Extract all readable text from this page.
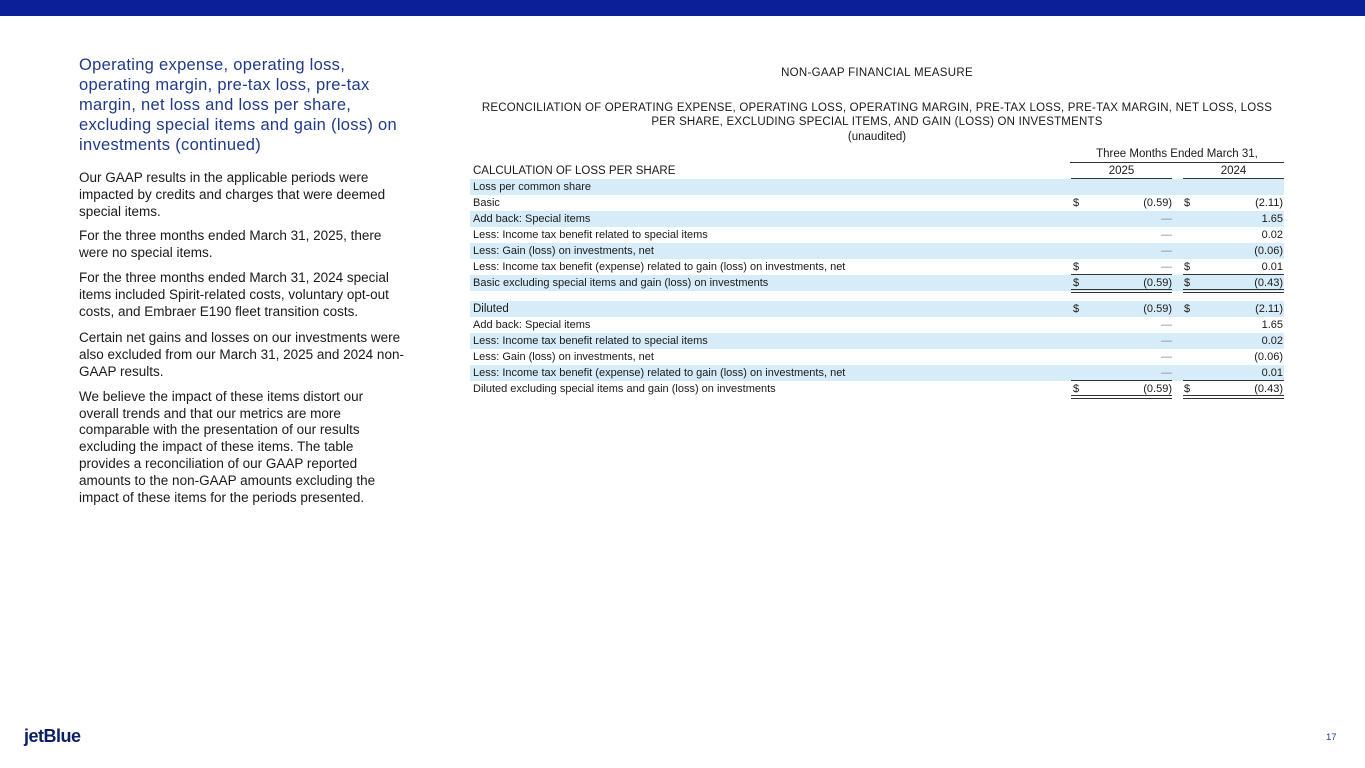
Operating expense, operating loss, operating margin, pre-tax loss, pre-tax margin, net loss and loss per share, excluding special items and gain (loss) on investments (continued)

Our GAAP results in the applicable periods were impacted by credits and charges that were deemed special items.

For the three months ended March 31, 2025, there were no special items.

For the three months ended March 31, 2024 special items included Spirit-related costs, voluntary opt-out costs, and Embraer E190 fleet transition costs.

Certain net gains and losses on our investments were also excluded from our March 31, 2025 and 2024 non-GAAP results.

We believe the impact of these items distort our overall trends and that our metrics are more comparable with the presentation of our results excluding the impact of these items. The table provides a reconciliation of our GAAP reported amounts to the non-GAAP amounts excluding the impact of these items for the periods presented.

NON-GAAP FINANCIAL MEASURE
RECONCILIATION OF OPERATING EXPENSE, OPERATING LOSS, OPERATING MARGIN, PRE-TAX LOSS, PRE-TAX MARGIN, NET LOSS, LOSS PER SHARE, EXCLUDING SPECIAL ITEMS, AND GAIN (LOSS) ON INVESTMENTS
(unaudited)
Three Months Ended March 31,
CALCULATION OF LOSS PER SHARE	2025	2024
Loss per common share
Basic	$	(0.59) $	(2.11)
Add back: Special items	—	1.65
Less: Income tax benefit related to special items	—	0.02
Less: Gain (loss) on investments, net	—	(0.06)
Less: Income tax benefit (expense) related to gain (loss) on investments, net	$	— $	0.01
Basic excluding special items and gain (loss) on investments	$	(0.59) $	(0.43)
Diluted	$	(0.59) $	(2.11)
Add back: Special items	—	1.65
Less: Income tax benefit related to special items	—	0.02
Less: Gain (loss) on investments, net	—	(0.06)
Less: Income tax benefit (expense) related to gain (loss) on investments, net	—	0.01
Diluted excluding special items and gain (loss) on investments	$	(0.59) $	(0.43)
jetBlue	17
